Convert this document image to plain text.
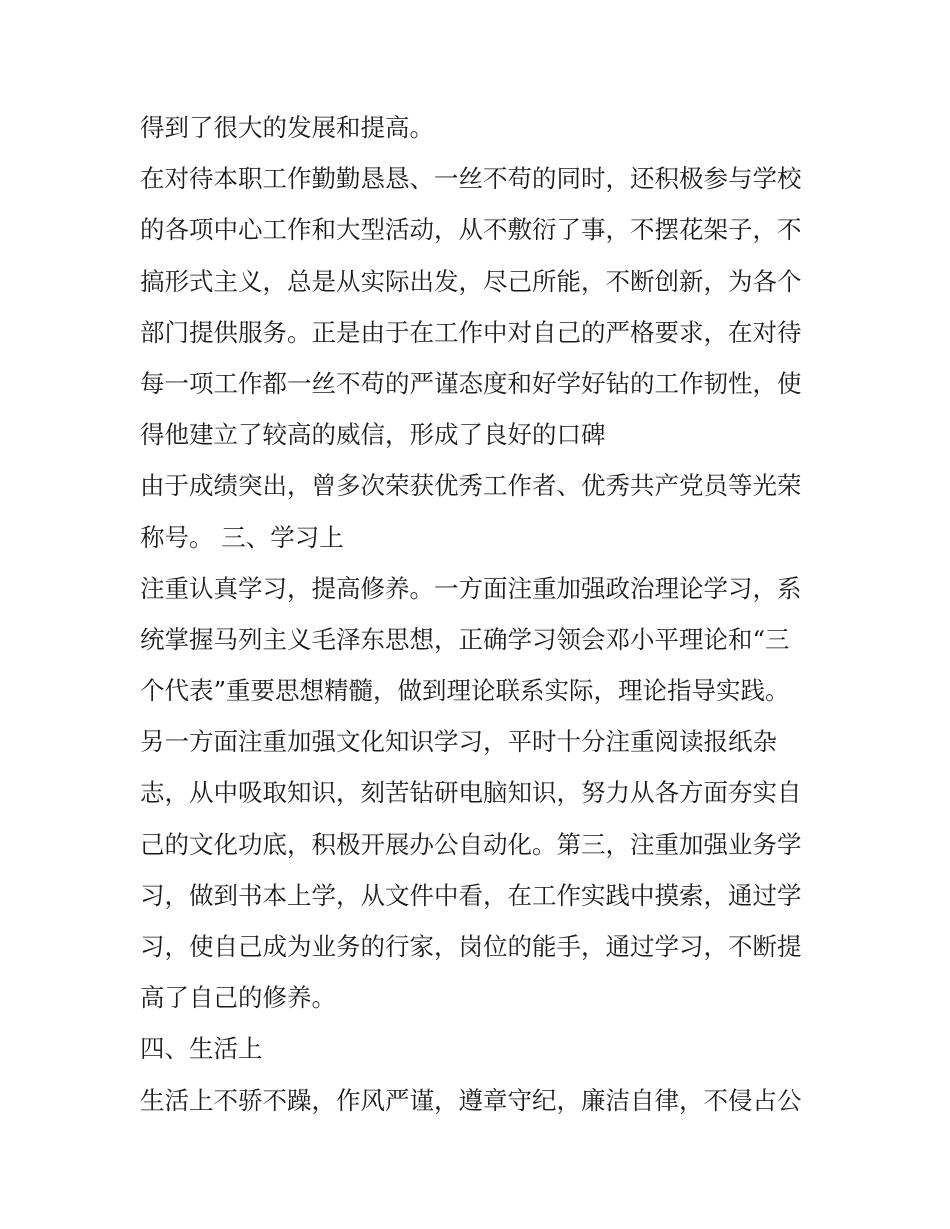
得到了很大的发展和提高。
在对待本职工作勤勤恳恳、一丝不苟的同时，还积极参与学校
的各项中心工作和大型活动，从不敷衍了事，不摆花架子，不
搞形式主义，总是从实际出发，尽己所能，不断创新，为各个
部门提供服务。正是由于在工作中对自己的严格要求，在对待
每一项工作都一丝不苟的严谨态度和好学好钻的工作韧性，使
得他建立了较高的威信，形成了良好的口碑
由于成绩突出，曾多次荣获优秀工作者、优秀共产党员等光荣
称号。 三、学习上
注重认真学习，提高修养。一方面注重加强政治理论学习，系
统掌握马列主义毛泽东思想，正确学习领会邓小平理论和“三
个代表”重要思想精髓，做到理论联系实际，理论指导实践。
另一方面注重加强文化知识学习，平时十分注重阅读报纸杂
志，从中吸取知识，刻苦钻研电脑知识，努力从各方面夯实自
己的文化功底，积极开展办公自动化。第三，注重加强业务学
习，做到书本上学，从文件中看，在工作实践中摸索，通过学
习，使自己成为业务的行家，岗位的能手，通过学习，不断提
高了自己的修养。
四、生活上
生活上不骄不躁，作风严谨，遵章守纪，廉洁自律，不侵占公
